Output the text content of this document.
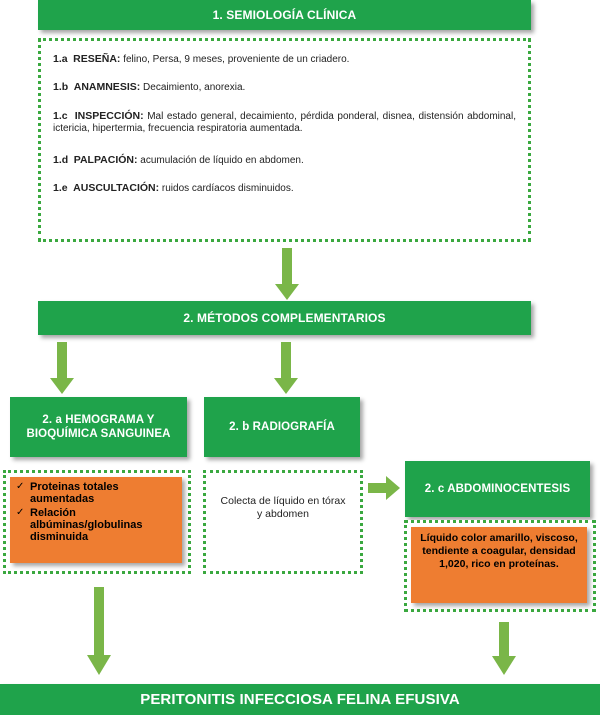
1. SEMIOLOGÍA CLÍNICA
1.a RESEÑA: felino, Persa, 9 meses, proveniente de un criadero.
1.b ANAMNESIS: Decaimiento, anorexia.
1.c INSPECCIÓN: Mal estado general, decaimiento, pérdida ponderal, disnea, distensión abdominal, ictericia, hipertermia, frecuencia respiratoria aumentada.
1.d PALPACIÓN: acumulación de líquido en abdomen.
1.e AUSCULTACIÓN: ruidos cardíacos disminuidos.
2. MÉTODOS COMPLEMENTARIOS
2. a HEMOGRAMA Y BIOQUÍMICA SANGUINEA
2. b RADIOGRAFÍA
✓ Proteinas totales aumentadas
✓ Relación albúminas/globulinas disminuida
Colecta de líquido en tórax y abdomen
2. c ABDOMINOCENTESIS
Líquido color amarillo, viscoso, tendiente a coagular, densidad 1,020, rico en proteínas.
PERITONITIS INFECCIOSA FELINA EFUSIVA
